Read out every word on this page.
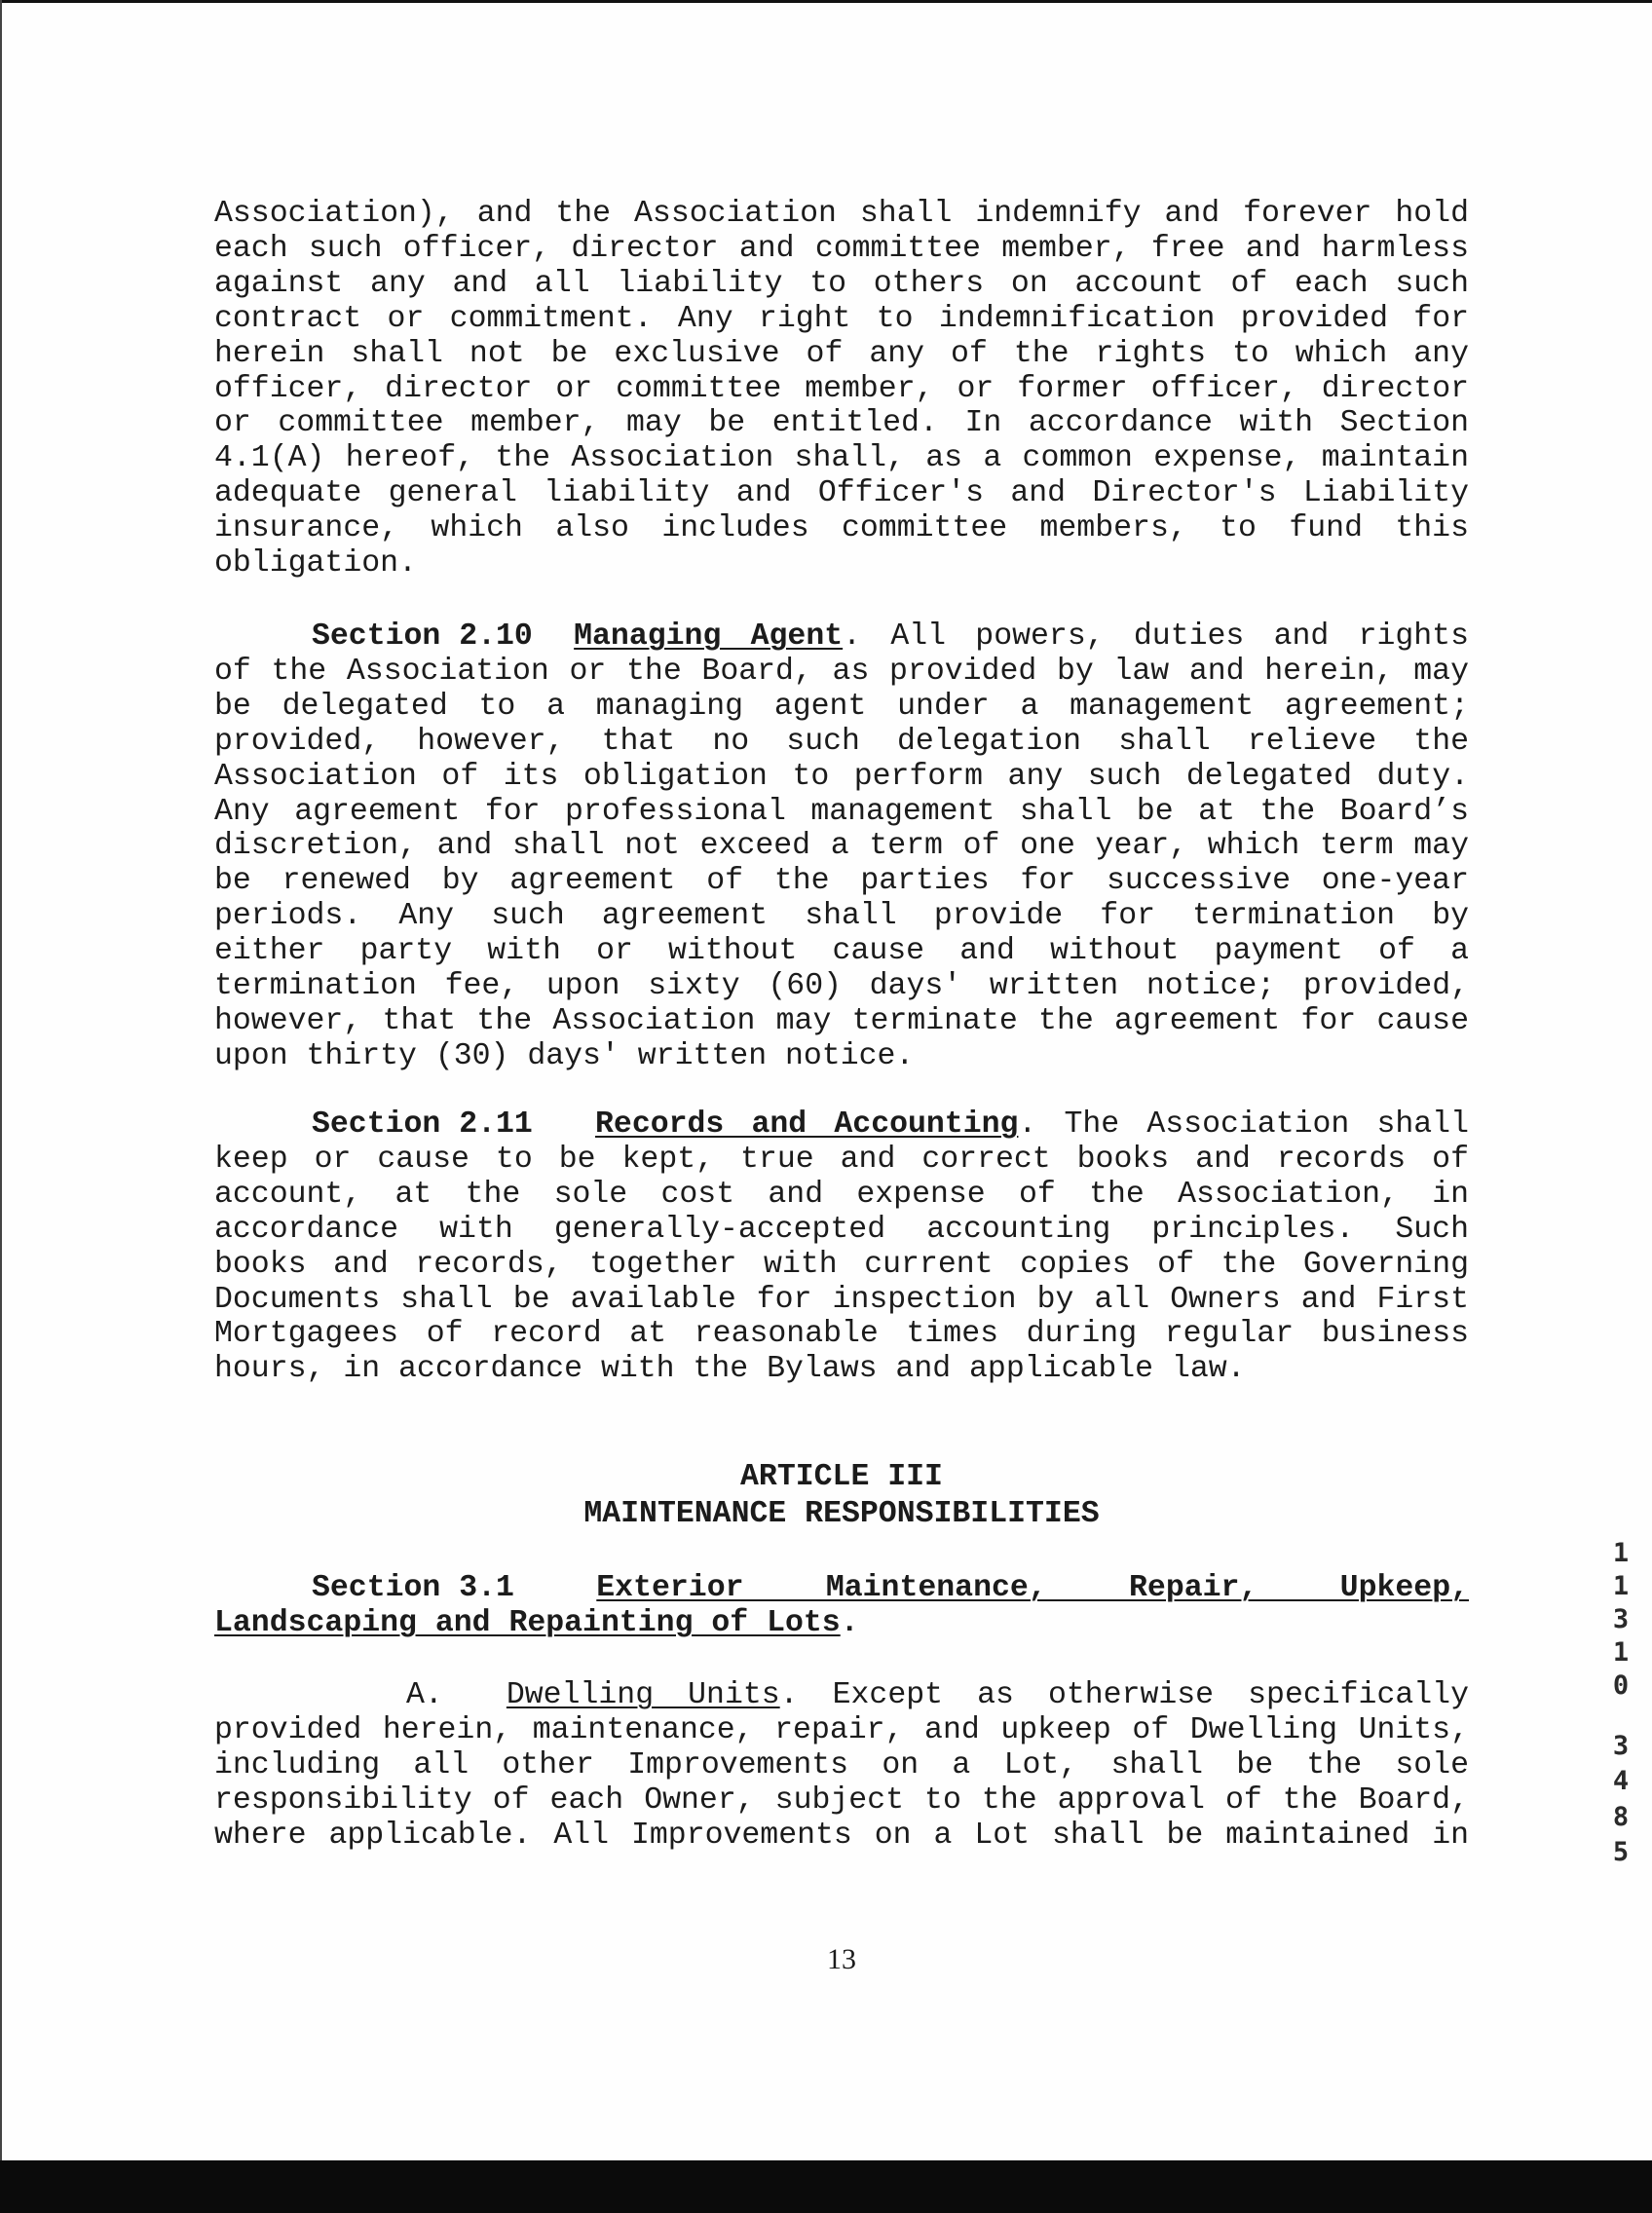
Association), and the Association shall indemnify and forever hold
each such officer, director and committee member, free and harmless
against any and all liability to others on account of each such
contract or commitment. Any right to indemnification provided for
herein shall not be exclusive of any of the rights to which any
officer, director or committee member, or former officer, director
or committee member, may be entitled. In accordance with Section
4.1(A) hereof, the Association shall, as a common expense, maintain
adequate general liability and Officer's and Director's Liability
insurance, which also includes committee members, to fund this
obligation.
Section 2.10 Managing Agent. All powers, duties and rights
of the Association or the Board, as provided by law and herein, may
be delegated to a managing agent under a management agreement;
provided, however, that no such delegation shall relieve the
Association of its obligation to perform any such delegated duty.
Any agreement for professional management shall be at the Board’s
discretion, and shall not exceed a term of one year, which term may
be renewed by agreement of the parties for successive one-year
periods. Any such agreement shall provide for termination by
either party with or without cause and without payment of a
termination fee, upon sixty (60) days' written notice; provided,
however, that the Association may terminate the agreement for cause
upon thirty (30) days' written notice.
Section 2.11 Records and Accounting. The Association shall
keep or cause to be kept, true and correct books and records of
account, at the sole cost and expense of the Association, in
accordance with generally-accepted accounting principles. Such
books and records, together with current copies of the Governing
Documents shall be available for inspection by all Owners and First
Mortgagees of record at reasonable times during regular business
hours, in accordance with the Bylaws and applicable law.
ARTICLE III
MAINTENANCE RESPONSIBILITIES
Section 3.1	Exterior Maintenance, Repair, Upkeep,
Landscaping and Repainting of Lots.
A. Dwelling Units. Except as otherwise specifically
provided herein, maintenance, repair, and upkeep of Dwelling Units,
including all other Improvements on a Lot, shall be the sole
responsibility of each Owner, subject to the approval of the Board,
where applicable. All Improvements on a Lot shall be maintained in
13
1
1
3
1
0
3
4
8
5
